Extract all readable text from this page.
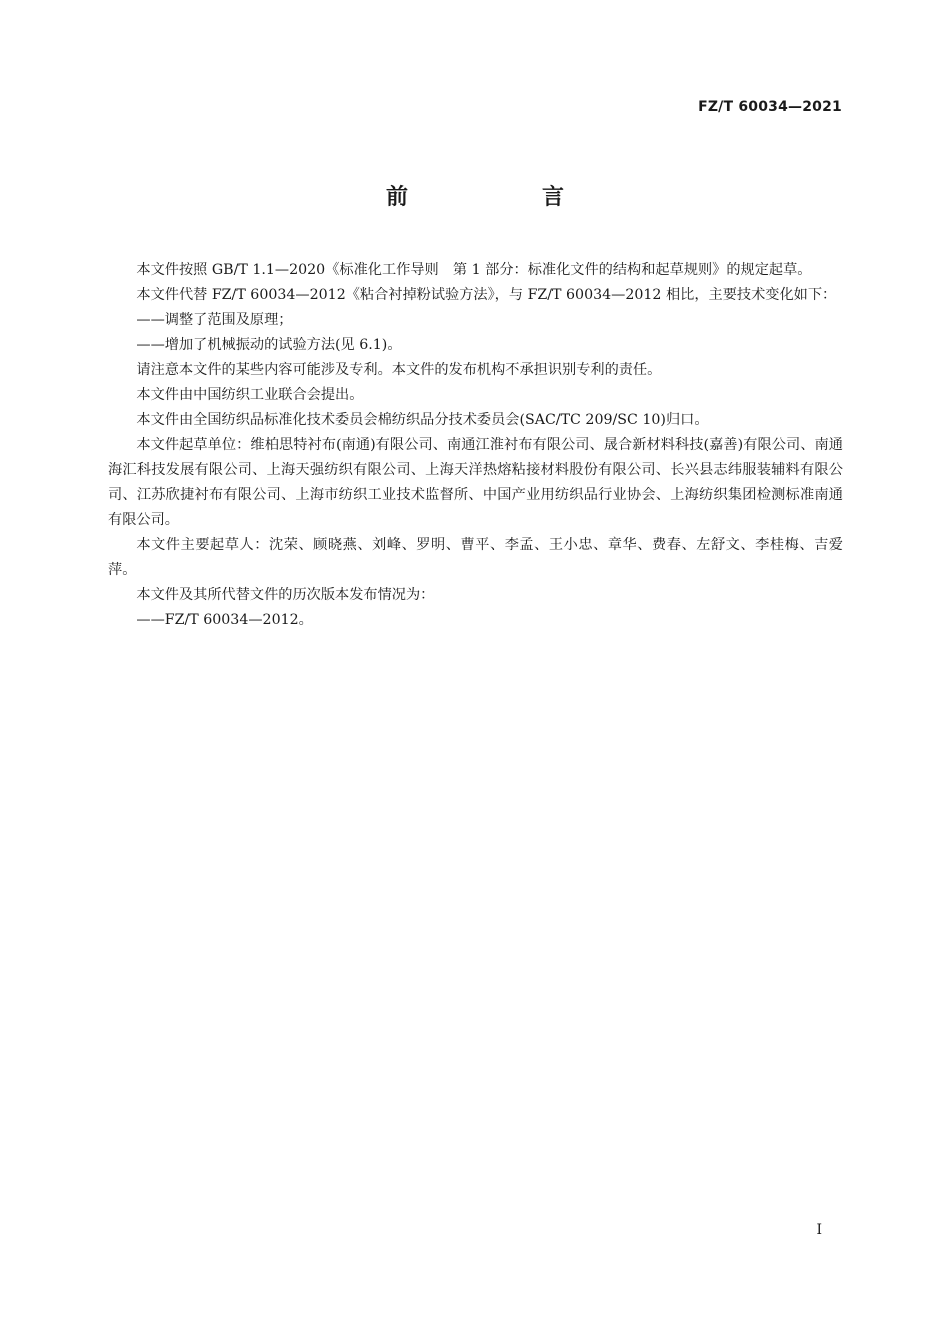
FZ/T 60034—2021
前　言

本文件按照 GB/T 1.1—2020《标准化工作导则　第 1 部分：标准化文件的结构和起草规则》的规定起草。

本文件代替 FZ/T 60034—2012《粘合衬掉粉试验方法》，与 FZ/T 60034—2012 相比，主要技术变化如下：

——调整了范围及原理；

——增加了机械振动的试验方法(见 6.1)。

请注意本文件的某些内容可能涉及专利。本文件的发布机构不承担识别专利的责任。

本文件由中国纺织工业联合会提出。

本文件由全国纺织品标准化技术委员会棉纺织品分技术委员会(SAC/TC 209/SC 10)归口。

本文件起草单位：维柏思特衬布(南通)有限公司、南通江淮衬布有限公司、晟合新材料科技(嘉善)有限公司、南通海汇科技发展有限公司、上海天强纺织有限公司、上海天洋热熔粘接材料股份有限公司、长兴县志纬服装辅料有限公司、江苏欣捷衬布有限公司、上海市纺织工业技术监督所、中国产业用纺织品行业协会、上海纺织集团检测标准南通有限公司。

本文件主要起草人：沈荣、顾晓燕、刘峰、罗明、曹平、李孟、王小忠、章华、费春、左舒文、李桂梅、吉爱萍。

本文件及其所代替文件的历次版本发布情况为：

——FZ/T 60034—2012。

I
